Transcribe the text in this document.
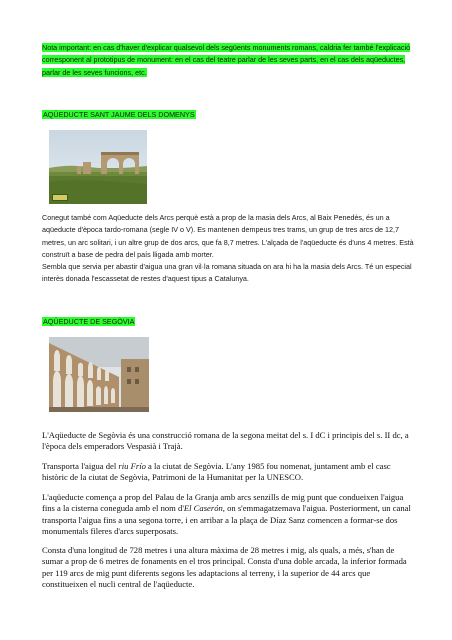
Nota important: en cas d'haver d'explicar qualsevol dels següents monuments romans, caldria fer també l'explicació corresponent al prototipus de monument: en el cas del teatre parlar de les seves parts, en el cas dels aqüeductes, parlar de les seves funcions, etc.
AQÜEDUCTE SANT JAUME DELS DOMENYS

Conegut també com Aqüeducte dels Arcs perquè està a prop de la masia dels Arcs, al Baix Penedès, és un a aqüeducte d'època tardo-romana (segle IV o V). Es mantenen dempeus tres trams, un grup de tres arcs de 12,7 metres, un arc solitari, i un altre grup de dos arcs, que fa 8,7 metres. L'alçada de l'aqüeducte és d'uns 4 metres. Està construït a base de pedra del país lligada amb morter.
Sembla que servia per abastir d'aigua una gran vil·la romana situada on ara hi ha la masia dels Arcs. Té un especial interès donada l'escassetat de restes d'aquest tipus a Catalunya.

AQÜEDUCTE DE SEGÒVIA

L'Aqüeducte de Segòvia és una construcció romana de la segona meitat del s. I dC i principis del s. II dc, a l'època dels emperadors Vespasià i Trajà.

Transporta l'aigua del riu Frío a la ciutat de Segòvia. L'any 1985 fou nomenat, juntament amb el casc històric de la ciutat de Segòvia, Patrimoni de la Humanitat per la UNESCO.

L'aqüeducte comença a prop del Palau de la Granja amb arcs senzills de mig punt que condueixen l'aigua fins a la cisterna coneguda amb el nom d'El Caserón, on s'emmagatzemava l'aigua. Posteriorment, un canal transporta l'aigua fins a una segona torre, i en arribar a la plaça de Díaz Sanz comencen a formar-se dos monumentals fileres d'arcs superposats.

Consta d'una longitud de 728 metres i una altura màxima de 28 metres i mig, als quals, a més, s'han de sumar a prop de 6 metres de fonaments en el tros principal. Consta d'una doble arcada, la inferior formada per 119 arcs de mig punt diferents segons les adaptacions al terreny, i la superior de 44 arcs que constitueixen el nucli central de l'aqüeducte.
